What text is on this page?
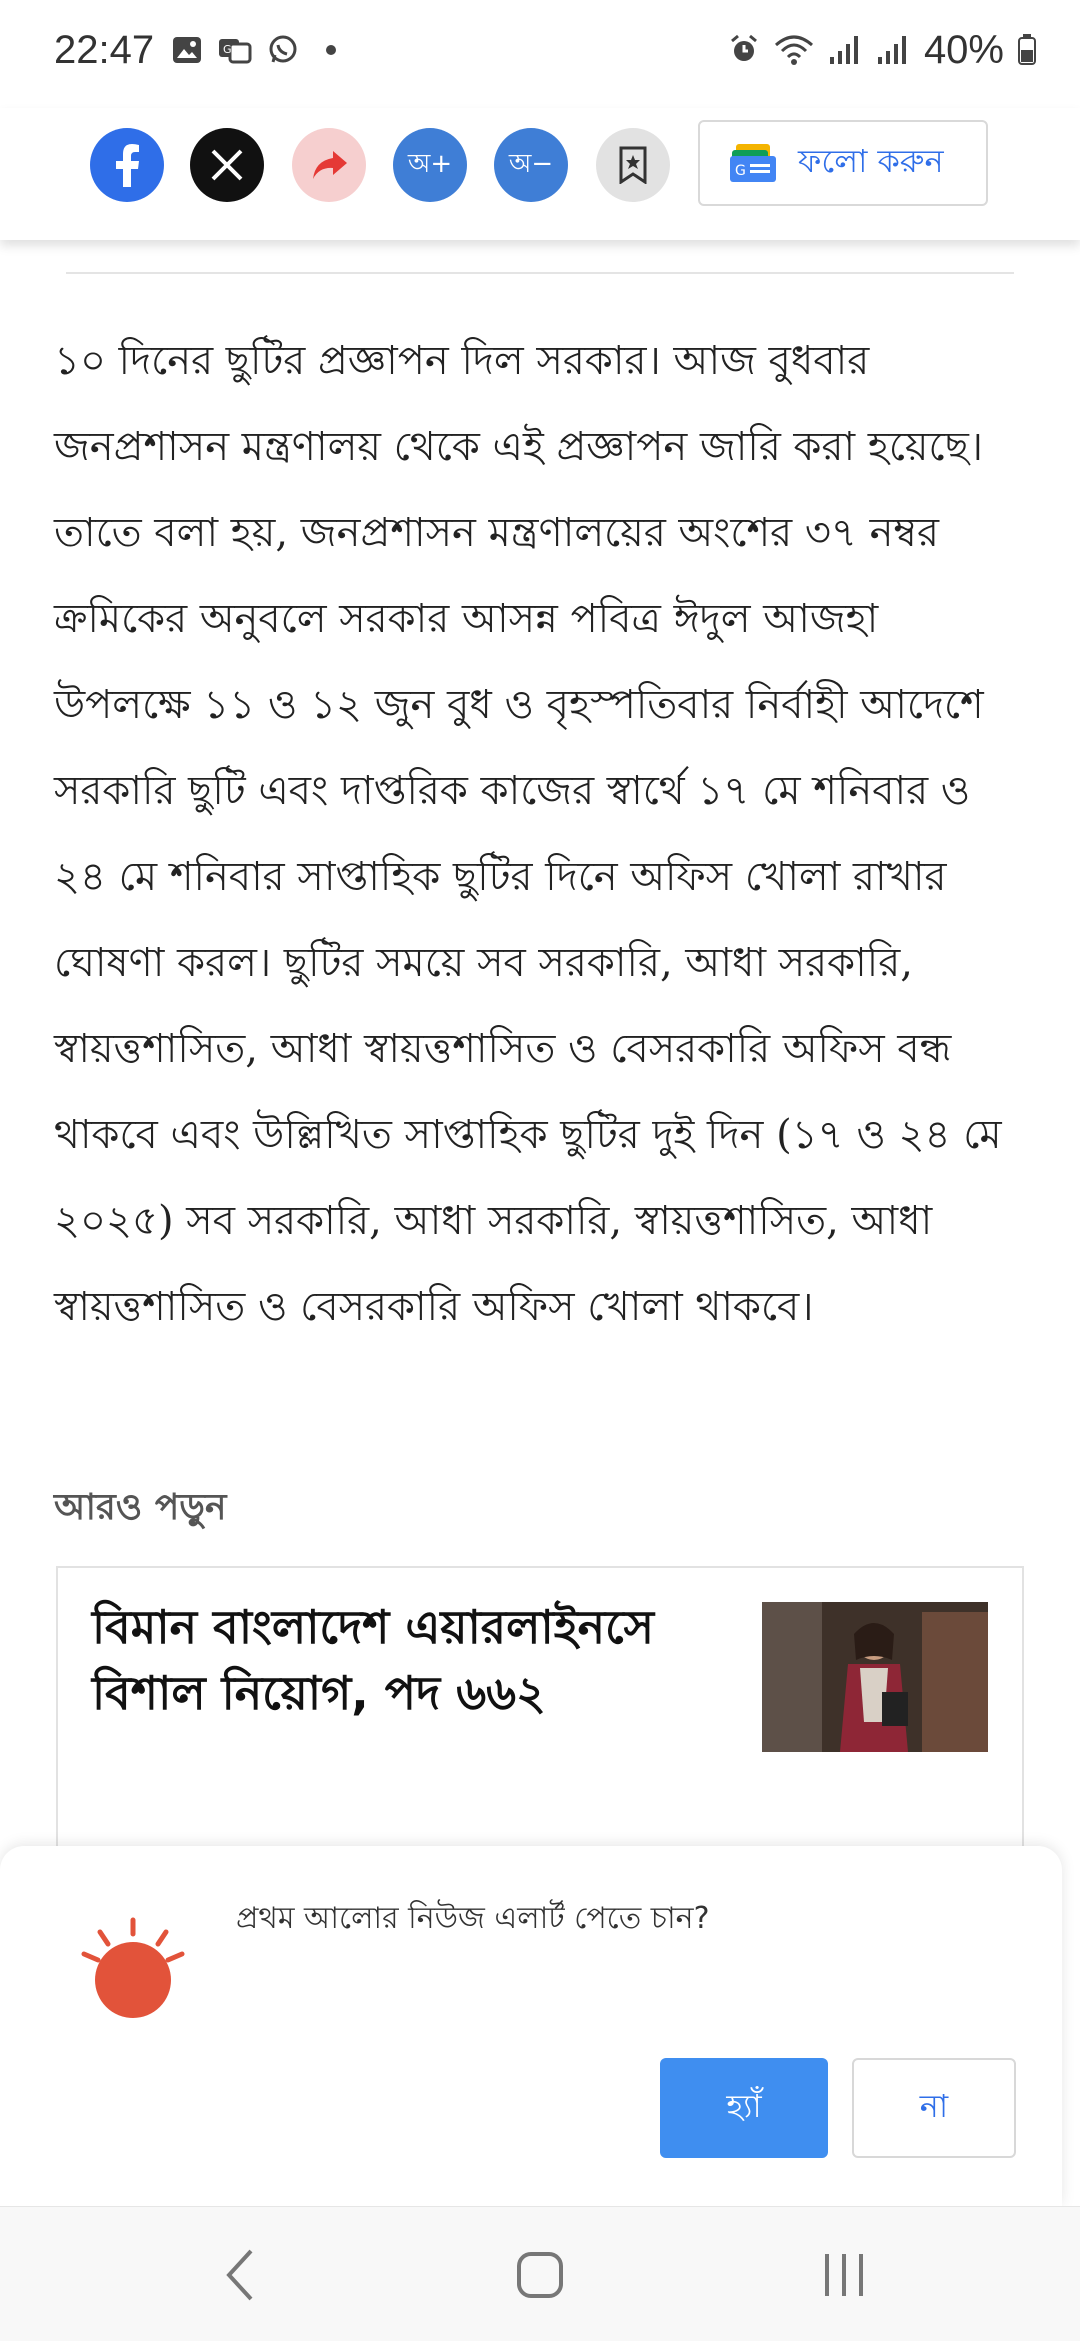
22:47	G	40%
অ+	অ−	G ফলো করুন

১০ দিনের ছুটির প্রজ্ঞাপন দিল সরকার। আজ বুধবার জনপ্রশাসন মন্ত্রণালয় থেকে এই প্রজ্ঞাপন জারি করা হয়েছে। তাতে বলা হয়, জনপ্রশাসন মন্ত্রণালয়ের অংশের ৩৭ নম্বর ক্রমিকের অনুবলে সরকার আসন্ন পবিত্র ঈদুল আজহা উপলক্ষে ১১ ও ১২ জুন বুধ ও বৃহস্পতিবার নির্বাহী আদেশে সরকারি ছুটি এবং দাপ্তরিক কাজের স্বার্থে ১৭ মে শনিবার ও ২৪ মে শনিবার সাপ্তাহিক ছুটির দিনে অফিস খোলা রাখার ঘোষণা করল। ছুটির সময়ে সব সরকারি, আধা সরকারি, স্বায়ত্তশাসিত, আধা স্বায়ত্তশাসিত ও বেসরকারি অফিস বন্ধ থাকবে এবং উল্লিখিত সাপ্তাহিক ছুটির দুই দিন (১৭ ও ২৪ মে ২০২৫) সব সরকারি, আধা সরকারি, স্বায়ত্তশাসিত, আধা স্বায়ত্তশাসিত ও বেসরকারি অফিস খোলা থাকবে।

আরও পড়ুন
বিমান বাংলাদেশ এয়ারলাইনসে বিশাল নিয়োগ, পদ ৬৬২
প্রথম আলোর নিউজ এলার্ট পেতে চান?
হ্যাঁ	না
